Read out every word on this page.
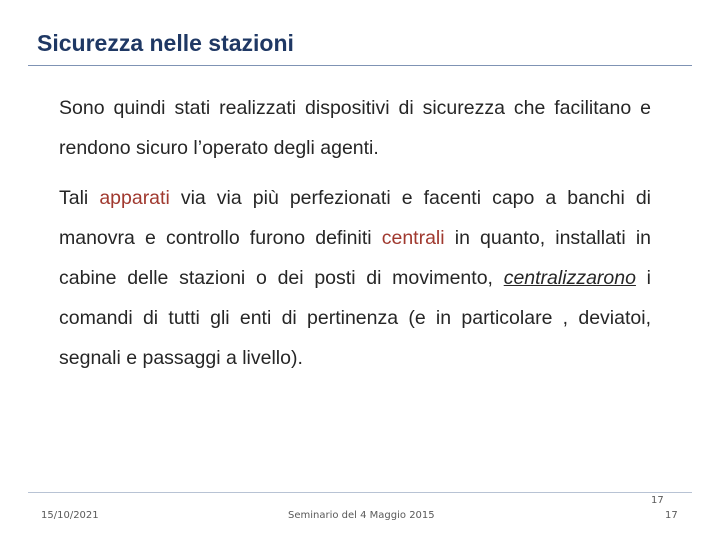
Sicurezza nelle stazioni

Sono quindi stati realizzati dispositivi di sicurezza che facilitano e rendono sicuro l’operato degli agenti.

Tali apparati via via più perfezionati e facenti capo a banchi di manovra e controllo furono definiti centrali in quanto, installati in cabine delle stazioni o dei posti di movimento, centralizzarono i comandi di tutti gli enti di pertinenza (e in particolare , deviatoi, segnali e passaggi a livello).

15/10/2021	Seminario del 4 Maggio 2015
17
17
